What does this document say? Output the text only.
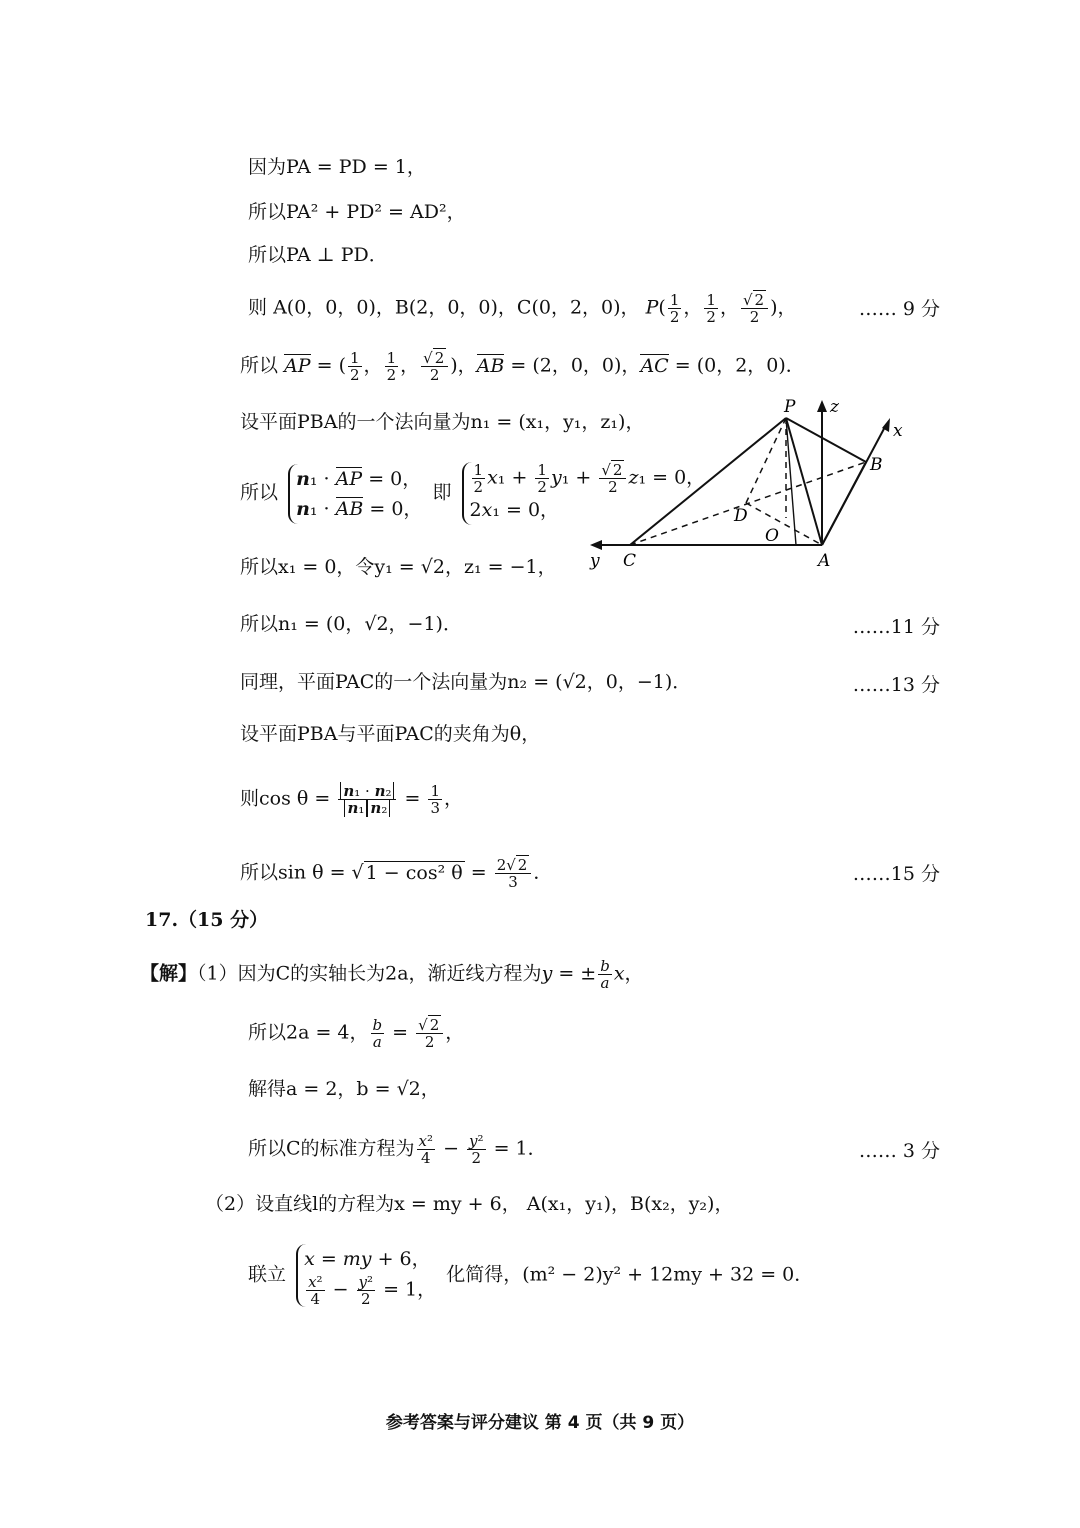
因为PA = PD = 1，
所以PA² + PD² = AD²，
所以PA ⊥ PD．
则 A(0，0，0)，B(2，0，0)，C(0，2，0)， $P( \frac{1}{2}$ ， $\frac{1}{2}$ ， $\frac{√ 2}{2}$ )，	…… 9 分
所以 AP = ( $\frac{1}{2}$ ， $\frac{1}{2}$ ， $\frac{√ 2}{2}$ )，AB = (2，0，0)，AC = (0，2，0)．
设平面PBA的一个法向量为n₁ = (x₁，y₁，z₁)，
所以
n₁ · AP = 0，
n₁ · AB = 0，
即 $\frac{1}{2} x_1 + \frac{1}{2} y_1 + \frac{√ 2}{2} z_1 = 0$，
2x₁ = 0，
所以x₁ = 0，令y₁ = √2，z₁ = −1，
所以n₁ = (0，√2，−1)．	……11 分
同理，平面PAC的一个法向量为n₂ = (√2，0，−1)．	……13 分
设平面PBA与平面PAC的夹角为θ，
则$\cos \theta = \frac{\text{n₁ · n₂}}{\text{n₁ n₂}} = \frac{1}{3}$ ，
所以sin θ = √ 1 − cos² $\theta = \frac{2√ 2}{3}$ ．	……15 分
P z
x
B
D
O
A
C
y
17.（15 分）
【解】（1）因为C的实轴长为2a，渐近线方程为y = ± $\frac{b}{a}$ x，
所以2a = 4， $\frac{b}{a} = \frac{√ 2}{2}$ ，
解得a = 2，b = √2，
所以C的标准方程为 $\frac{\text{x²}}{4} - \frac{\text{y²}}{2} = 1$．	…… 3 分
（2）设直线l的方程为x = my + 6， A(x₁，y₁)，B(x₂，y₂)，
联立
x = my + 6，
$\frac{\text{x²}}{4} - \frac{\text{y²}}{2} = 1$，
化简得，(m² − 2)y² + 12my + 32 = 0．
参考答案与评分建议 第 4 页（共 9 页）
